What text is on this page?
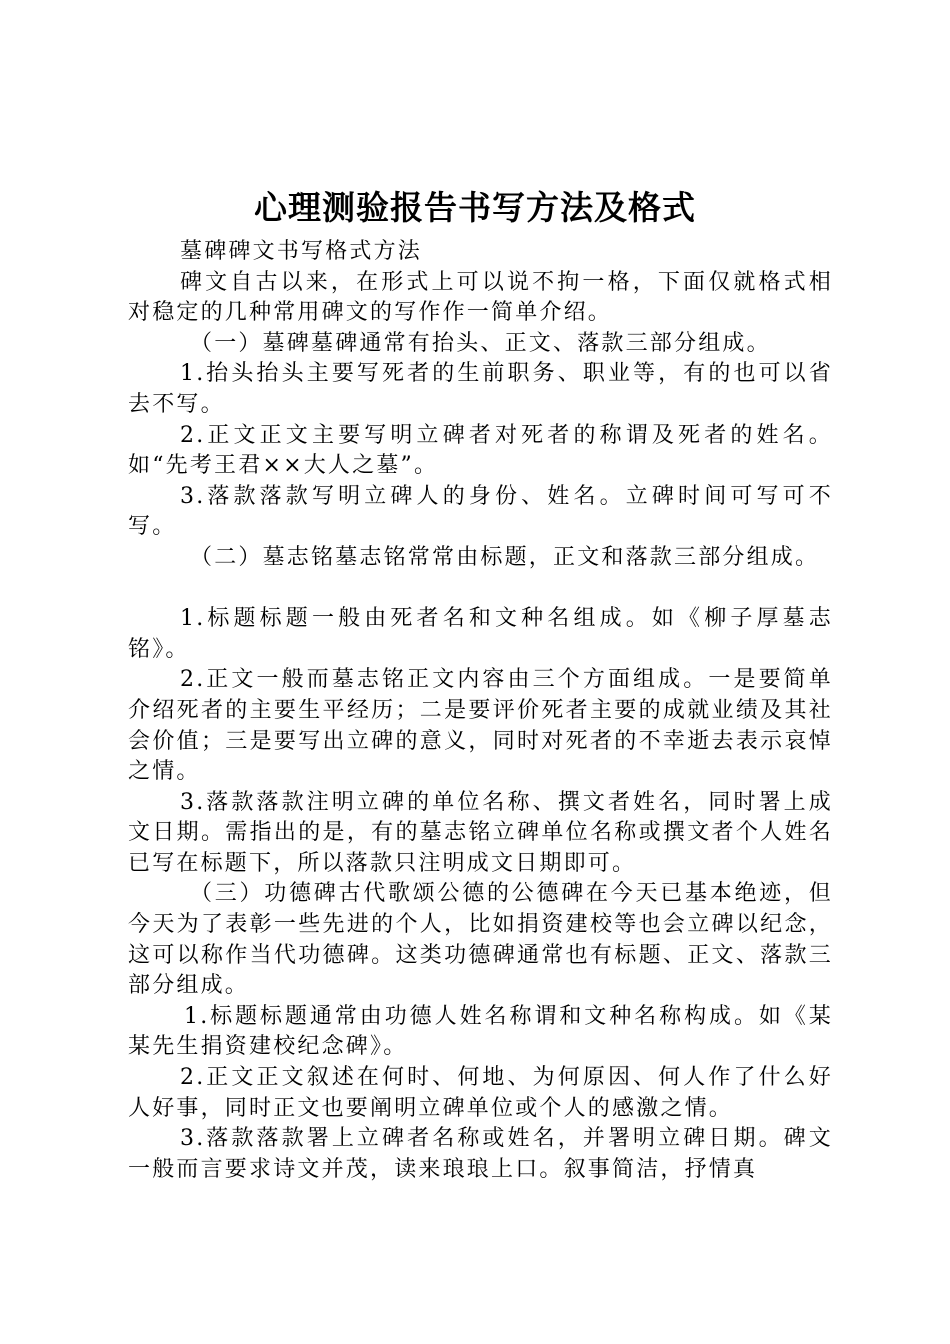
心理测验报告书写方法及格式

墓碑碑文书写格式方法

碑文自古以来，在形式上可以说不拘一格，下面仅就格式相对稳定的几种常用碑文的写作作一简单介绍。

（一）墓碑墓碑通常有抬头、正文、落款三部分组成。

1.抬头抬头主要写死者的生前职务、职业等，有的也可以省去不写。

2.正文正文主要写明立碑者对死者的称谓及死者的姓名。如“先考王君××大人之墓”。

3.落款落款写明立碑人的身份、姓名。立碑时间可写可不写。

（二）墓志铭墓志铭常常由标题，正文和落款三部分组成。

1.标题标题一般由死者名和文种名组成。如《柳子厚墓志铭》。

2.正文一般而墓志铭正文内容由三个方面组成。一是要简单介绍死者的主要生平经历；二是要评价死者主要的成就业绩及其社会价值；三是要写出立碑的意义，同时对死者的不幸逝去表示哀悼之情。

3.落款落款注明立碑的单位名称、撰文者姓名，同时署上成文日期。需指出的是，有的墓志铭立碑单位名称或撰文者个人姓名已写在标题下，所以落款只注明成文日期即可。

（三）功德碑古代歌颂公德的公德碑在今天已基本绝迹，但今天为了表彰一些先进的个人，比如捐资建校等也会立碑以纪念，这可以称作当代功德碑。这类功德碑通常也有标题、正文、落款三部分组成。

1.标题标题通常由功德人姓名称谓和文种名称构成。如《某某先生捐资建校纪念碑》。

2.正文正文叙述在何时、何地、为何原因、何人作了什么好人好事，同时正文也要阐明立碑单位或个人的感激之情。

3.落款落款署上立碑者名称或姓名，并署明立碑日期。碑文一般而言要求诗文并茂，读来琅琅上口。叙事简洁，抒情真
